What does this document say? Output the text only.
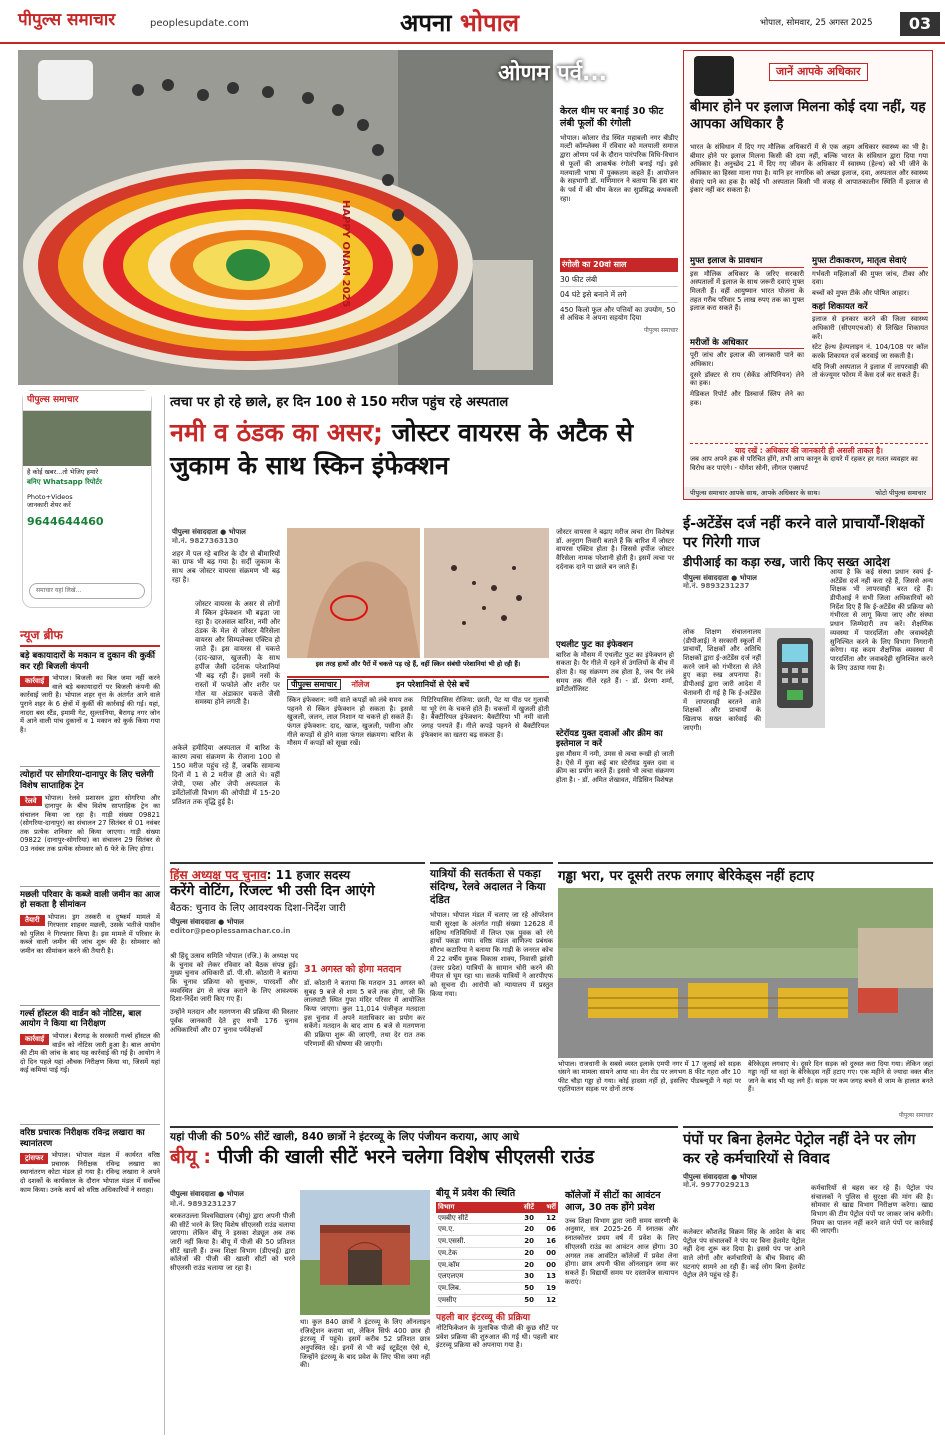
पीपुल्स समाचार	peoplesupdate.com	अपना भोपाल	भोपाल, सोमवार, 25 अगस्त 2025	03
HAPPY ONAM 2025
ओणम पर्व...
केरल थीम पर बनाई 30 फीट लंबी फूलों की रंगोली
भोपाल। कोलार रोड स्थित महाबली नगर बीडीए मल्टी कॉम्प्लेक्स में रविवार को मलयाली समाज द्वारा ओणम पर्व के दौरान पारंपरिक विधि-विधान से फूलों की आकर्षक रंगोली बनाई गई। इसे मलयाली भाषा में पूक्कलम कहते हैं। आयोजन के सहभागी डॉ. मणिमारन ने बताया कि इस बार के पर्व में की थीम केरल का सुप्रसिद्ध कथकली रहा।
रंगोली का 20वां साल
30 फीट लंबी
04 घंटे इसे बनाने में लगे
450 किलो फूल और पत्तियों का उपयोग, 50 से अधिक ने अपना सहयोग दिया
पीपुल्स समाचार
जानें आपके अधिकार
बीमार होने पर इलाज मिलना कोई दया नहीं, यह आपका अधिकार है
भारत के संविधान में दिए गए मौलिक अधिकारों में से एक अहम अधिकार स्वास्थ्य का भी है। बीमार होने पर इलाज मिलना किसी की दया नहीं, बल्कि भारत के संविधान द्वारा दिया गया अधिकार है। अनुच्छेद 21 में दिए गए जीवन के अधिकार में स्वास्थ्य (हेल्थ) को भी जीने के अधिकार का हिस्सा माना गया है। यानि हर नागरिक को अच्छा इलाज, दवा, अस्पताल और स्वास्थ्य सेवाएं पाने का हक है। कोई भी अस्पताल किसी भी वजह से आपातकालीन स्थिति में इलाज से इंकार नहीं कर सकता है।
मुफ्त इलाज के प्रावधान
इस मौलिक अधिकार के जरिए सरकारी अस्पतालों में इलाज के साथ जरूरी दवाएं मुफ्त मिलती हैं। वहीं आयुष्मान भारत योजना के तहत गरीब परिवार 5 लाख रुपए तक का मुफ्त इलाज करा सकते हैं।
मरीजों के अधिकार
पूरी जांच और इलाज की जानकारी पाने का अधिकार।
दूसरे डॉक्टर से राय (सेकेंड ओपिनियन) लेने का हक।
मेडिकल रिपोर्ट और डिस्चार्ज स्लिप लेने का हक।
मुफ्त टीकाकरण, मातृत्व सेवाएं
गर्भवती महिलाओं की मुफ्त जांच, टीका और दवा।
बच्चों को मुफ्त टीके और पोषित आहार।
कहां शिकायत करें
इलाज से इनकार करने की जिला स्वास्थ्य अधिकारी (सीएमएचओ) से लिखित शिकायत करें।
स्टेट हेल्थ हेल्पलाइन नं. 104/108 पर कॉल करके शिकायत दर्ज करवाई जा सकती है।
यदि निजी अस्पताल ने इलाज में लापरवाही की तो कंज्यूमर फोरम में केस दर्ज कर सकते हैं।
याद रखें : अधिकार की जानकारी ही असली ताकत है।
जब आप अपने हक से परिचित होंगे, तभी आप कानून के दायरे में रहकर हर गलत व्यवहार का विरोध कर पाएंगे। - योगेश सोनी, लीगल एक्सपर्ट
पीपुल्स समाचार आपके साथ, आपके अधिकार के साथ।	फोटो पीपुल्स समाचार
पीपुल्स समाचार
है कोई खबर...तो भेजिए हमारे
बनिए Whatsapp रिपोर्टर
Photo+Videos
जानकारी शेयर करें
9644644460
समाचार यहां लिखें...
त्वचा पर हो रहे छाले, हर दिन 100 से 150 मरीज पहुंच रहे अस्पताल
नमी व ठंडक का असर; जोस्टर वायरस के अटैक से जुकाम के साथ स्किन इंफेक्शन
पीपुल्स संवाददाता ● भोपाल
मो.नं. 9827363130
शहर में पल रहे बारिश के दौर से बीमारियों का ग्राफ भी बढ़ गया है। सर्दी जुकाम के साथ अब जोस्टर वायरस संक्रमण भी बढ़ रहा है।
जोस्टर वायरस के असर से लोगों में स्किन इंफेक्शन भी बढ़ता जा रहा है। दरअसल बारिश, नमी और ठंडक के मेल से जोस्टर वैरिसेला वायरस और सिम्पलेक्स एक्टिव हो जाते हैं। इस वायरस से चकत्ते (दाद-खाज, खुजली) के साथ हर्पीज जैसी दर्दनाक परेशानियां भी बढ़ रही हैं। इसमें नसों के रास्तों में फफोले और शरीर पर गोल या अंडाकार चकत्ते जैसी समस्या होने लगती है।
अकेले हमीदिया अस्पताल में बारिश के कारण त्वचा संक्रमण के रोजाना 100 से 150 मरीज पहुंच रहे हैं, जबकि सामान्य दिनों में 1 से 2 मरीज ही आते थे। वहीं जेपी, एम्स और जेपी अस्पताल के डर्मेटोलॉजी विभाग की ओपीडी में 15-20 प्रतिशत तक वृद्धि हुई है।
इस तरह हाथों और पैरों में चकत्ते पड़ रहे हैं, वहीं स्किन संबंधी परेशानियां भी हो रही हैं।
पीपुल्स समाचार नॉलेज	इन परेशानियों से ऐसे बचें
स्किन इंफेक्शन: नमी वाले कपड़ों को लंबे समय तक पहनने से स्किन इंफेक्शन हो सकता है। इससे खुजली, जलन, लाल निशान या चकत्ते हो सकते हैं। फंगल इंफेक्शन: दाद, खाज, खुजली, पसीना और गीले कपड़ों से होने वाला फंगल संक्रमण। बारिश के मौसम में कपड़ों को सूखा रखें।
पिटिरियासिस रोजिया: छाती, पेट या पीठ पर गुलाबी या भूरे रंग के चकत्ते होते हैं। चकत्तों में खुजली होती है। बैक्टीरियल इंफेक्शन: बैक्टीरिया भी नमी वाली जगह पनपते हैं। गीले कपड़े पहनने से बैक्टीरियल इंफेक्शन का खतरा बढ़ सकता है।
जोस्टर वायरस ने बढ़ाए मरीज त्वचा रोग विशेषज्ञ डॉ. अनुराग तिवारी बताते हैं कि बारिश में जोस्टर वायरस एक्टिव होता है। जिससे हर्पीज जोस्टर वैरिसेला नामक परेशानी होती है। इसमें त्वचा पर दर्दनाक दाने या छाले बन जाते हैं।
एथलीट फुट का इंफेक्शन
बारिश के मौसम में एथलीट फुट का इंफेक्शन हो सकता है। पैर गीले में रहने से उंगलियों के बीच में होता है। यह संक्रमण तब होता है, जब पैर लंबे समय तक गीले रहते हैं। - डॉ. प्रेरणा शर्मा, डर्मेटोलॉजिस्ट
स्टेरॉयड युक्त दवाओं और क्रीम का इस्तेमाल न करें
इस मौसम में नमी, उमस से त्वचा रूखी हो जाती है। ऐसे में युवा कई बार स्टेरॉयड युक्त दवा व क्रीम का प्रयोग करते हैं। इससे भी त्वचा संक्रमण होता है। - डॉ. अमित शेखावत, मेडिसिन विशेषज्ञ
ई-अटेंडेंस दर्ज नहीं करने वाले प्राचार्यों-शिक्षकों पर गिरेगी गाज
डीपीआई का कड़ा रुख, जारी किए सख्त आदेश
पीपुल्स संवाददाता ● भोपाल
मो.नं. 9893231237
लोक शिक्षण संचालनालय (डीपीआई) ने सरकारी स्कूलों में प्राचार्यों, शिक्षकों और अतिथि शिक्षकों द्वारा ई-अटेंडेंस दर्ज नहीं करने जाने को गंभीरता से लेते हुए कड़ा रुख अपनाया है। डीपीआई द्वारा जारी आदेश में चेतावनी दी गई है कि ई-अटेंडेंस में लापरवाही बरतने वाले शिक्षकों और प्राचार्यों के खिलाफ सख्त कार्रवाई की जाएगी।
आया है कि कई संस्था प्रधान स्वयं ई-अटेंडेंस दर्ज नहीं करा रहे हैं, जिससे अन्य शिक्षक भी लापरवाही बरत रहे हैं। डीपीआई ने सभी जिला अधिकारियों को निर्देश दिए हैं कि ई-अटेंडेंस की प्रक्रिया को गंभीरता से लागू किया जाए और संस्था प्रधान जिम्मेदारी तय करें। शैक्षणिक व्यवस्था में पारदर्शिता और जवाबदेही सुनिश्चित करने के लिए विभाग निगरानी करेगा। यह कदम शैक्षणिक व्यवस्था में पारदर्शिता और जवाबदेही सुनिश्चित करने के लिए उठाया गया है।
न्यूज ब्रीफ
बड़े बकायादारों के मकान व दुकान की कुर्की कर रही बिजली कंपनी
कार्रवाई	भोपाल। बिजली का बिल जमा नहीं करने वाले बड़े बकायादारों पर बिजली कंपनी की कार्रवाई जारी है। भोपाल शहर वृत्त के अंतर्गत आने वाले पुराने शहर के 6 क्षेत्रों में कुर्की की कार्रवाई की गई। यहां, नादरा बस स्टैंड, इमामी गेट, सुल्तानिया, बैरागढ़ नगर जोन में आने वाली पांच दुकानों व 1 मकान को कुर्क किया गया है।
त्योहारों पर सोगरिया-दानापुर के लिए चलेगी विशेष साप्ताहिक ट्रेन
रेलवे	भोपाल। रेलवे प्रशासन द्वारा सोगरिया और दानापुर के बीच विशेष साप्ताहिक ट्रेन का संचालन किया जा रहा है। गाड़ी संख्या 09821 (सोगरिया-दानापुर) का संचालन 27 सितंबर से 01 नवंबर तक प्रत्येक शनिवार को किया जाएगा। गाड़ी संख्या 09822 (दानापुर-सोगरिया) का संचालन 29 सितंबर से 03 नवंबर तक प्रत्येक सोमवार को 6 फेरे के लिए होगा।
मछली परिवार के कब्जे वाली जमीन का आज हो सकता है सीमांकन
तैयारी	भोपाल। ड्रग तस्करी व दुष्कर्म मामले में गिरफ्तार शाहवर मछली, उसके भतीजे यासीन को पुलिस ने गिरफ्तार किया है। इस मामले में परिवार के कब्जे वाली जमीन की जांच शुरू की है। सोमवार को जमीन का सीमांकन करने की तैयारी है।
गर्ल्स हॉस्टल की वार्डन को नोटिस, बाल आयोग ने किया था निरीक्षण
कार्रवाई	भोपाल। बैरागढ़ के सरकारी गर्ल्स हॉस्टल की वार्डन को नोटिस जारी हुआ है। बाल आयोग की टीम की जांच के बाद यह कार्रवाई की गई है। आयोग ने दो दिन पहले यहां औचक निरीक्षण किया था, जिसमें यहां कई कमियां पाई गई।
वरिष्ठ प्रचारक निरीक्षक रविन्द्र लखारा का स्थानांतरण
ट्रांसफर	भोपाल। भोपाल मंडल में कार्यरत वरिष्ठ प्रचारक निरीक्षक रविन्द्र लखारा का स्थानांतरण कोटा मंडल हो गया है। रविन्द्र लखारा ने अपने दो दशकों के कार्यकाल के दौरान भोपाल मंडल में सर्वोच्च काम किया। उनके कार्य को वरिष्ठ अधिकारियों ने सराहा।
हिंस अध्यक्ष पद चुनाव: 11 हजार सदस्य
करेंगे वोटिंग, रिजल्ट भी उसी दिन आएंगे
बैठक: चुनाव के लिए आवश्यक दिशा-निर्देश जारी
पीपुल्स संवाददाता ● भोपाल
editor@peoplessamachar.co.in
श्री हिंदू उत्सव समिति भोपाल (रजि.) के अध्यक्ष पद के चुनाव को लेकर रविवार को बैठक संपन्न हुई। मुख्य चुनाव अधिकारी डॉ. पी.सी. कोठारी ने बताया कि चुनाव प्रक्रिया को सुचारू, पारदर्शी और व्यवस्थित ढंग से संपन्न कराने के लिए आवश्यक दिशा-निर्देश जारी किए गए हैं।
उन्होंने मतदान और मतगणना की प्रक्रिया की विस्तार पूर्वक जानकारी देते हुए सभी 176 चुनाव अधिकारियों और 07 चुनाव पर्यवेक्षकों
31 अगस्त को होगा मतदान
डॉ. कोठारी ने बताया कि मतदान 31 अगस्त को सुबह 9 बजे से शाम 5 बजे तक होगा, जो कि लालघाटी स्थित गुफा मंदिर परिसर में आयोजित किया जाएगा। कुल 11,014 पंजीकृत मतदाता इस चुनाव में अपने मताधिकार का प्रयोग कर सकेंगे। मतदान के बाद शाम 6 बजे से मतगणना की प्रक्रिया शुरू की जाएगी, तथा देर रात तक परिणामों की घोषणा की जाएगी।
यात्रियों की सतर्कता से पकड़ा संदिग्ध, रेलवे अदालत ने किया दंडित
भोपाल। भोपाल मंडल में चलाए जा रहे ऑपरेशन यात्री सुरक्षा के अंतर्गत गाड़ी संख्या 12628 में संदिग्ध गतिविधियों में लिप्त एक युवक को रंगे हाथों पकड़ा गया। वरिष्ठ मंडल वाणिज्य प्रबंधक सौरभ कटारिया ने बताया कि गाड़ी के जनरल कोच में 22 वर्षीय युवक विकास शाक्य, निवासी झांसी (उत्तर प्रदेश) यात्रियों के सामान चोरी करने की नीयत से घूम रहा था। सतर्क यात्रियों ने आरपीएफ को सूचना दी। आरोपी को न्यायालय में प्रस्तुत किया गया।
गड्ढा भरा, पर दूसरी तरफ लगाए बेरिकेड्स नहीं हटाए
भोपाल। राजधानी के सबसे व्यस्त इलाके एमपी नगर में 17 जुलाई को सड़क धंसने का मामला सामने आया था। मेन रोड पर लगभग 8 फीट गहरा और 10 फीट चौड़ा गड्ढा हो गया। कोई हादसा नहीं हो, इसलिए पीडब्ल्यूडी ने यहां पर एहतियातन सड़क पर दोनों तरफ
बेरिकेड्स लगवाए थे। दूसरे दिन सड़क को दुरुस्त करा दिया गया। लेकिन जहां गड्ढा नहीं था वहां के बेरिकेड्स नहीं हटाए गए। एक महीने से ज्यादा वक्त बीत जाने के बाद भी यह लगे हैं। सड़क पर कम जगह बचने से जाम के हालात बनते हैं।
पीपुल्स समाचार
यहां पीजी की 50% सीटें खाली, 840 छात्रों ने इंटरव्यू के लिए पंजीयन कराया, आए आधे
बीयू : पीजी की खाली सीटें भरने चलेगा विशेष सीएलसी राउंड
पीपुल्स संवाददाता ● भोपाल
मो.नं. 9893231237
बरकतउल्ला विश्वविद्यालय (बीयू) द्वारा अपनी पीजी की सीटें भरने के लिए विशेष सीएलसी राउंड चलाया जाएगा। लेकिन बीयू ने इसका शेड्यूल अब तक जारी नहीं किया है। बीयू में पीजी की 50 प्रतिशत सीटें खाली हैं। उच्च शिक्षा विभाग (डीएचई) द्वारा कॉलेजों की पीजी की खाली सीटों को भरने सीएलसी राउंड चलाया जा रहा है।
था। कुल 840 छात्रों ने इंटरव्यू के लिए ऑनलाइन रजिस्ट्रेशन कराया था, लेकिन सिर्फ 400 छात्र ही इंटरव्यू में पहुंचे। इसमें करीब 52 प्रतिशत छात्र अनुपस्थित रहे। इनमें से भी कई स्टूडेंट्स ऐसे थे, जिन्होंने इंटरव्यू के बाद प्रवेश के लिए फीस जमा नहीं की।
बीयू में प्रवेश की स्थिति
विभाग	सीटें	भरीं
एमबीए सीटें	30	12
एम.ए.	20	06
एम.एससी.	20	16
एम.टेक	20	00
एम.कॉम	20	00
एलएलएम	30	13
एम.लिब.	50	19
एमसीए	50	12
पहली बार इंटरव्यू की प्रक्रिया
नोटिफिकेशन के मुताबिक पीजी की कुछ सीटें पर प्रवेश प्रक्रिया की शुरुआत की गई थी। पहली बार इंटरव्यू प्रक्रिया को अपनाया गया है।
कॉलेजों में सीटों का आवंटन आज, 30 तक होंगे प्रवेश
उच्च शिक्षा विभाग द्वारा जारी समय सारणी के अनुसार, सत्र 2025-26 में स्नातक और स्नातकोत्तर प्रथम वर्ष में प्रवेश के लिए सीएलसी राउंड का आवंटन आज होगा। 30 अगस्त तक आवंटित कॉलेजों में प्रवेश लेना होगा। छात्र अपनी फीस ऑनलाइन जमा कर सकते हैं। विद्यार्थी समय पर दस्तावेज सत्यापन कराएं।
पंपों पर बिना हेलमेट पेट्रोल नहीं देने पर लोग कर रहे कर्मचारियों से विवाद
पीपुल्स संवाददाता ● भोपाल
मो.नं. 9977029213
कलेक्टर कौशलेंद्र विक्रम सिंह के आदेश के बाद पेट्रोल पंप संचालकों ने पंप पर बिना हेलमेट पेट्रोल नहीं देना शुरू कर दिया है। इससे पंप पर आने वाले लोगों और कर्मचारियों के बीच विवाद की घटनाएं सामने आ रही हैं। कई लोग बिना हेलमेट पेट्रोल लेने पहुंच रहे हैं।
कर्मचारियों से बहस कर रहे हैं। पेट्रोल पंप संचालकों ने पुलिस से सुरक्षा की मांग की है। सोमवार से खाद्य विभाग निरीक्षण करेगा। खाद्य विभाग की टीम पेट्रोल पंपों पर जाकर जांच करेगी। नियम का पालन नहीं करने वाले पंपों पर कार्रवाई की जाएगी।
